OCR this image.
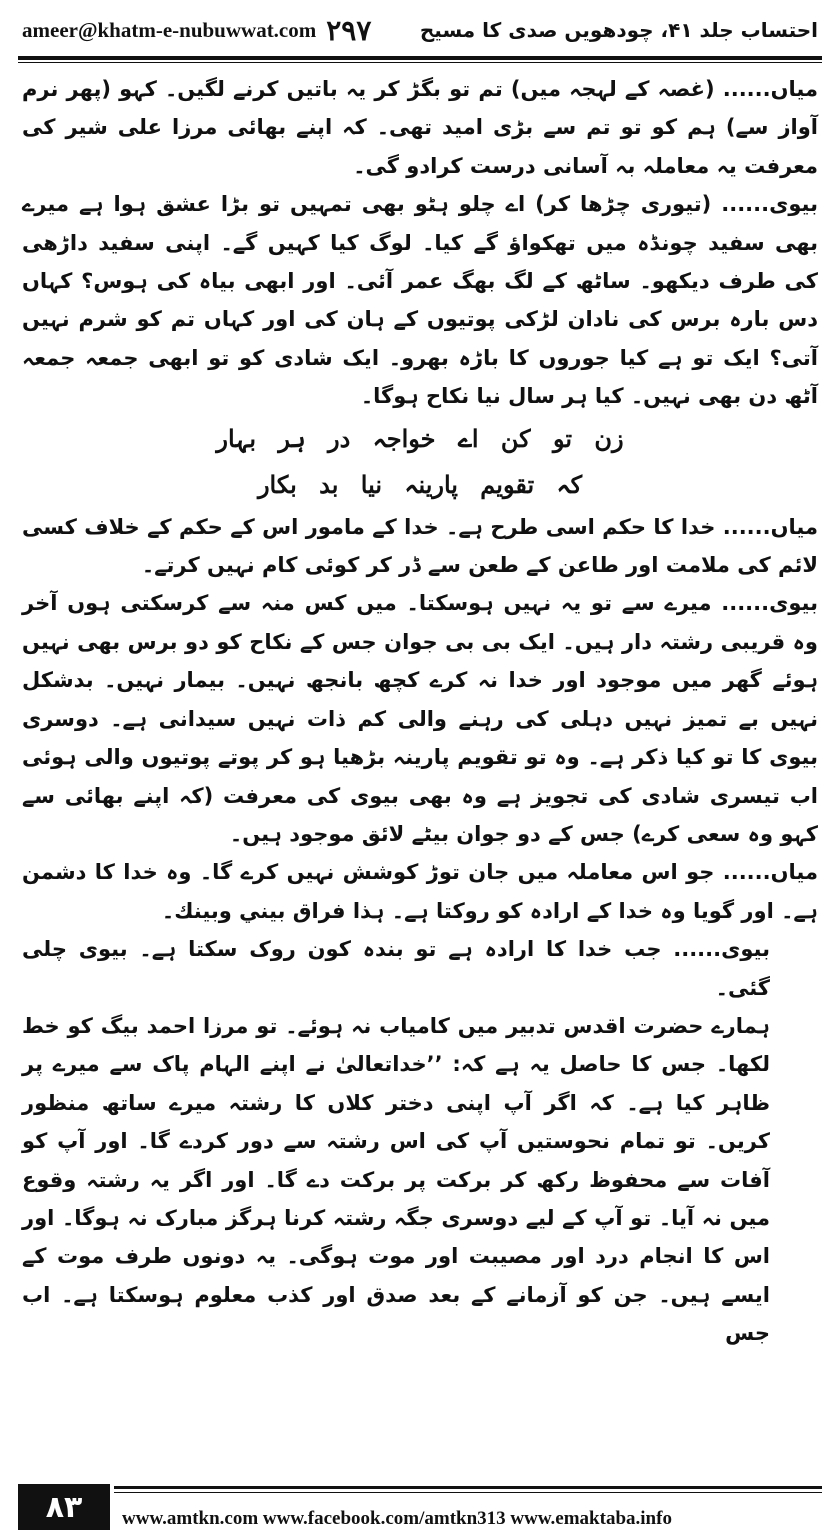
ameer@khatm-e-nubuwwat.com ۲۹۷ احتساب جلد ۴۱، چودھویں صدی کا مسیح

میاں...... (غصہ کے لہجہ میں) تم تو بگڑ کر یہ باتیں کرنے لگیں۔ کہو (پھر نرم آواز سے) ہم کو تو تم سے بڑی امید تھی۔ کہ اپنے بھائی مرزا علی شیر کی معرفت یہ معاملہ بہ آسانی درست کرادو گی۔

بیوی...... (تیوری چڑھا کر) اے چلو ہٹو بھی تمہیں تو بڑا عشق ہوا ہے میرے بھی سفید چونڈہ میں تھکواؤ گے کیا۔ لوگ کیا کہیں گے۔ اپنی سفید داڑھی کی طرف دیکھو۔ ساٹھ کے لگ بھگ عمر آئی۔ اور ابھی بیاہ کی ہوس؟ کہاں دس بارہ برس کی نادان لڑکی پوتیوں کے ہان کی اور کہاں تم کو شرم نہیں آتی؟ ایک تو ہے کیا جوروں کا باڑہ بھرو۔ ایک شادی کو تو ابھی جمعہ جمعہ آٹھ دن بھی نہیں۔ کیا ہر سال نیا نکاح ہوگا۔

زن تو کن اے خواجہ در ہر بہار

کہ تقویم پارینہ نیا بد بکار

میاں...... خدا کا حکم اسی طرح ہے۔ خدا کے مامور اس کے حکم کے خلاف کسی لائم کی ملامت اور طاعن کے طعن سے ڈر کر کوئی کام نہیں کرتے۔

بیوی...... میرے سے تو یہ نہیں ہوسکتا۔ میں کس منہ سے کرسکتی ہوں آخر وہ قریبی رشتہ دار ہیں۔ ایک بی بی جوان جس کے نکاح کو دو برس بھی نہیں ہوئے گھر میں موجود اور خدا نہ کرے کچھ بانجھ نہیں۔ بیمار نہیں۔ بدشکل نہیں بے تمیز نہیں دہلی کی رہنے والی کم ذات نہیں سیدانی ہے۔ دوسری بیوی کا تو کیا ذکر ہے۔ وہ تو تقویم پارینہ بڑھیا ہو کر پوتے پوتیوں والی ہوئی اب تیسری شادی کی تجویز ہے وہ بھی بیوی کی معرفت (کہ اپنے بھائی سے کہو وہ سعی کرے) جس کے دو جوان بیٹے لائق موجود ہیں۔

میاں...... جو اس معاملہ میں جان توڑ کوشش نہیں کرے گا۔ وہ خدا کا دشمن ہے۔ اور گویا وہ خدا کے ارادہ کو روکتا ہے۔ ہذا فراق بيني وبينك۔

بیوی...... جب خدا کا ارادہ ہے تو بندہ کون روک سکتا ہے۔ بیوی چلی گئی۔

ہمارے حضرت اقدس تدبیر میں کامیاب نہ ہوئے۔ تو مرزا احمد بیگ کو خط لکھا۔ جس کا حاصل یہ ہے کہ: ’’خداتعالیٰ نے اپنے الہام پاک سے میرے پر ظاہر کیا ہے۔ کہ اگر آپ اپنی دختر کلاں کا رشتہ میرے ساتھ منظور کریں۔ تو تمام نحوستیں آپ کی اس رشتہ سے دور کردے گا۔ اور آپ کو آفات سے محفوظ رکھ کر برکت پر برکت دے گا۔ اور اگر یہ رشتہ وقوع میں نہ آیا۔ تو آپ کے لیے دوسری جگہ رشتہ کرنا ہرگز مبارک نہ ہوگا۔ اور اس کا انجام درد اور مصیبت اور موت ہوگی۔ یہ دونوں طرف موت کے ایسے ہیں۔ جن کو آزمانے کے بعد صدق اور کذب معلوم ہوسکتا ہے۔ اب جس

۸۳	www.amtkn.com www.facebook.com/amtkn313 www.emaktaba.info
